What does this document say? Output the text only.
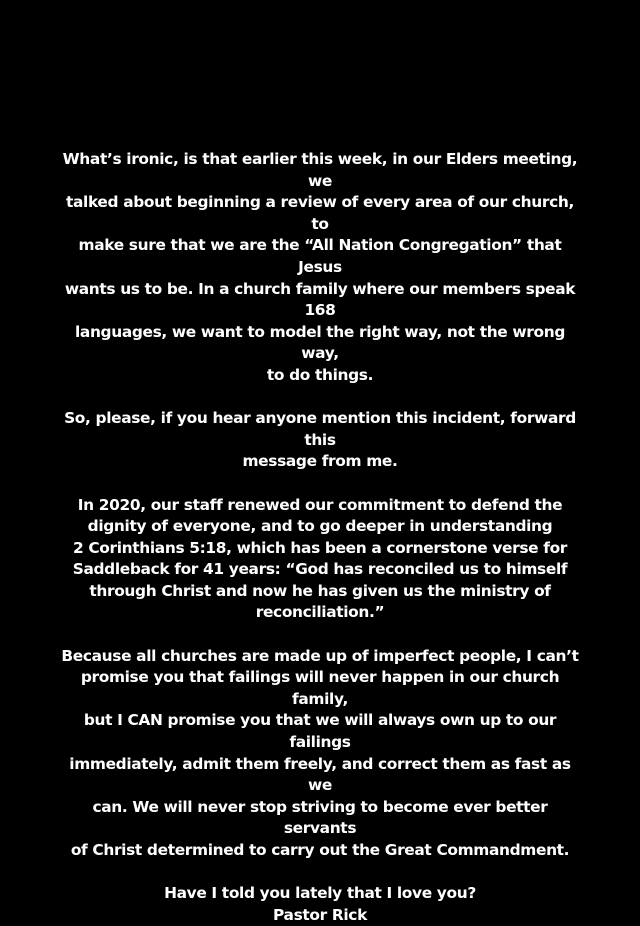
What’s ironic, is that earlier this week, in our Elders meeting, we
talked about beginning a review of every area of our church, to
make sure that we are the “All Nation Congregation” that Jesus
wants us to be. In a church family where our members speak 168
languages, we want to model the right way, not the wrong way,
to do things.

So, please, if you hear anyone mention this incident, forward this
message from me.

In 2020, our staff renewed our commitment to defend the
dignity of everyone, and to go deeper in understanding
2 Corinthians 5:18, which has been a cornerstone verse for
Saddleback for 41 years: “God has reconciled us to himself
through Christ and now he has given us the ministry of
reconciliation.”

Because all churches are made up of imperfect people, I can’t
promise you that failings will never happen in our church family,
but I CAN promise you that we will always own up to our failings
immediately, admit them freely, and correct them as fast as we
can. We will never stop striving to become ever better servants
of Christ determined to carry out the Great Commandment.

Have I told you lately that I love you?
Pastor Rick
